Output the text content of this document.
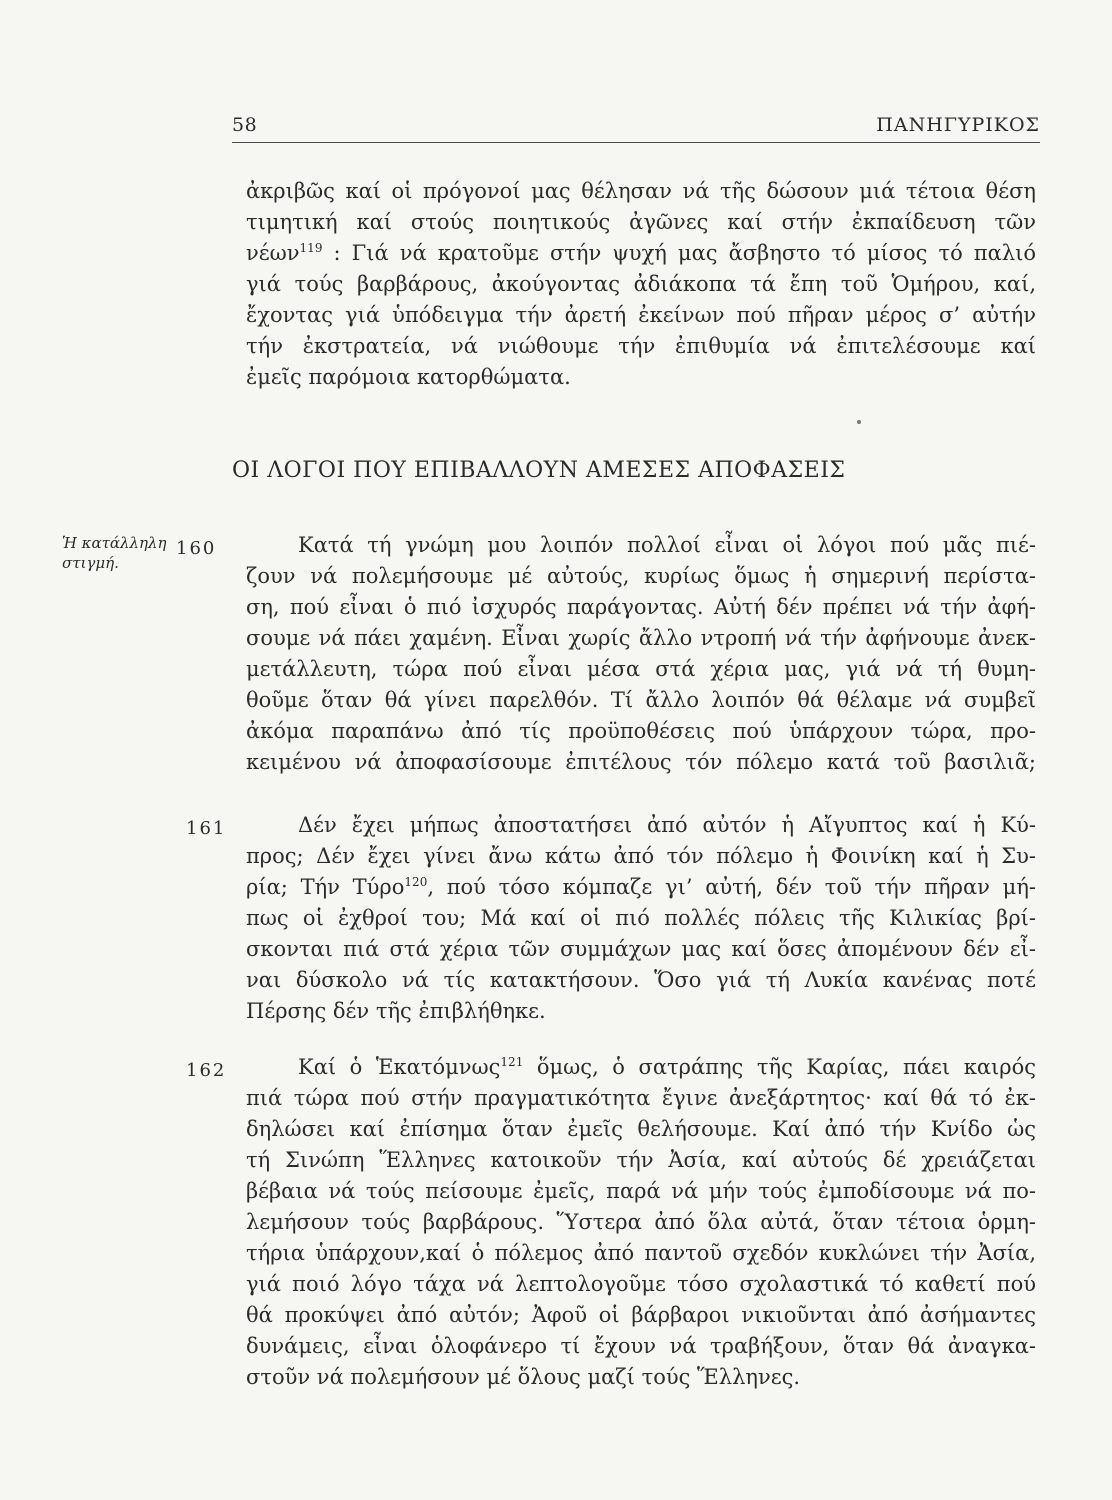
58	ΠΑΝΗΓΥΡΙΚΟΣ
ἀκριβῶς καί οἱ πρόγονοί μας θέλησαν νά τῆς δώσουν μιά τέτοια θέση
τιμητική καί στούς ποιητικούς ἀγῶνες καί στήν ἐκπαίδευση τῶν
νέων$^{119}$ : Γιά νά κρατοῦμε στήν ψυχή μας ἄσβηστο τό μίσος τό παλιό
γιά τούς βαρβάρους, ἀκούγοντας ἀδιάκοπα τά ἔπη τοῦ Ὁμήρου, καί,
ἔχοντας γιά ὑπόδειγμα τήν ἀρετή ἐκείνων πού πῆραν μέρος σ’ αὐτήν
τήν ἐκστρατεία, νά νιώθουμε τήν ἐπιθυμία νά ἐπιτελέσουμε καί
ἐμεῖς παρόμοια κατορθώματα.
ΟΙ ΛΟΓΟΙ ΠΟΥ ΕΠΙΒΑΛΛΟΥΝ ΑΜΕΣΕΣ ΑΠΟΦΑΣΕΙΣ
Ἡ κατάλληλη
στιγμή.
160	Κατά τή γνώμη μου λοιπόν πολλοί εἶναι οἱ λόγοι πού μᾶς πιέ-
ζουν νά πολεμήσουμε μέ αὐτούς, κυρίως ὅμως ἡ σημερινή περίστα-
ση, πού εἶναι ὁ πιό ἰσχυρός παράγοντας. Αὐτή δέν πρέπει νά τήν ἀφή-
σουμε νά πάει χαμένη. Εἶναι χωρίς ἄλλο ντροπή νά τήν ἀφήνουμε ἀνεκ-
μετάλλευτη, τώρα πού εἶναι μέσα στά χέρια μας, γιά νά τή θυμη-
θοῦμε ὅταν θά γίνει παρελθόν. Τί ἄλλο λοιπόν θά θέλαμε νά συμβεῖ
ἀκόμα παραπάνω ἀπό τίς προϋποθέσεις πού ὑπάρχουν τώρα, προ-
κειμένου νά ἀποφασίσουμε ἐπιτέλους τόν πόλεμο κατά τοῦ βασιλιᾶ;
161	Δέν ἔχει μήπως ἀποστατήσει ἀπό αὐτόν ἡ Αἴγυπτος καί ἡ Κύ-
προς; Δέν ἔχει γίνει ἄνω κάτω ἀπό τόν πόλεμο ἡ Φοινίκη καί ἡ Συ-
ρία; Τήν Τύρο$^{120}$, πού τόσο κόμπαζε γι’ αὐτή, δέν τοῦ τήν πῆραν μή-
πως οἱ ἐχθροί του; Μά καί οἱ πιό πολλές πόλεις τῆς Κιλικίας βρί-
σκονται πιά στά χέρια τῶν συμμάχων μας καί ὅσες ἀπομένουν δέν εἶ-
ναι δύσκολο νά τίς κατακτήσουν. Ὅσο γιά τή Λυκία κανένας ποτέ
Πέρσης δέν τῆς ἐπιβλήθηκε.
162	Καί ὁ Ἑκατόμνως$^{121}$ ὅμως, ὁ σατράπης τῆς Καρίας, πάει καιρός
πιά τώρα πού στήν πραγματικότητα ἔγινε ἀνεξάρτητος· καί θά τό ἐκ-
δηλώσει καί ἐπίσημα ὅταν ἐμεῖς θελήσουμε. Καί ἀπό τήν Κνίδο ὡς
τή Σινώπη Ἕλληνες κατοικοῦν τήν Ἀσία, καί αὐτούς δέ χρειάζεται
βέβαια νά τούς πείσουμε ἐμεῖς, παρά νά μήν τούς ἐμποδίσουμε νά πο-
λεμήσουν τούς βαρβάρους. Ὕστερα ἀπό ὅλα αὐτά, ὅταν τέτοια ὁρμη-
τήρια ὑπάρχουν,καί ὁ πόλεμος ἀπό παντοῦ σχεδόν κυκλώνει τήν Ἀσία,
γιά ποιό λόγο τάχα νά λεπτολογοῦμε τόσο σχολαστικά τό καθετί πού
θά προκύψει ἀπό αὐτόν; Ἀφοῦ οἱ βάρβαροι νικιοῦνται ἀπό ἀσήμαντες
δυνάμεις, εἶναι ὁλοφάνερο τί ἔχουν νά τραβήξουν, ὅταν θά ἀναγκα-
στοῦν νά πολεμήσουν μέ ὅλους μαζί τούς Ἕλληνες.
